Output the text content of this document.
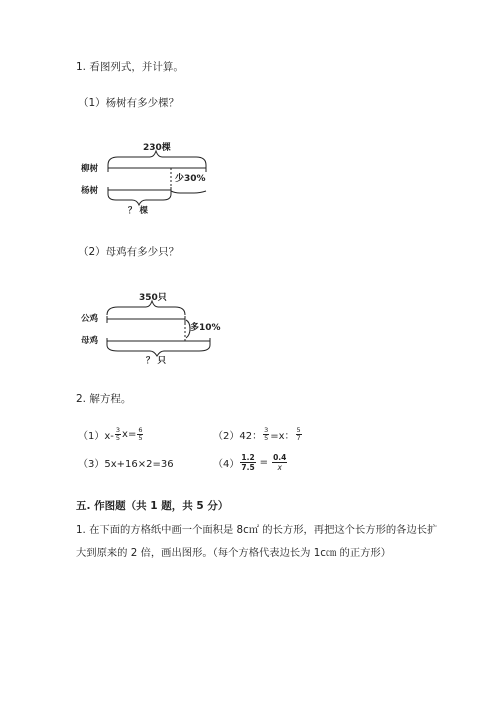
1. 看图列式，并计算。
（1）杨树有多少棵？
230棵
柳树
杨树
少30%
？ 棵
（2）母鸡有多少只？
350只
公鸡
母鸡
多10%
？ 只
2. 解方程。
$(1)x- \frac{3}{5} x= \frac{6}{5}$	（2）42： $\frac{3}{5} =x$： $\frac{5}{7}$
（3）5x+16×2=36	$(4) \frac{1.2}{7.5} = \frac{0.4}{x}$
五. 作图题（共 1 题，共 5 分）
1. 在下面的方格纸中画一个面积是 8c㎡ 的长方形，再把这个长方形的各边长扩
大到原来的 2 倍，画出图形。（每个方格代表边长为 1c㎝ 的正方形）
